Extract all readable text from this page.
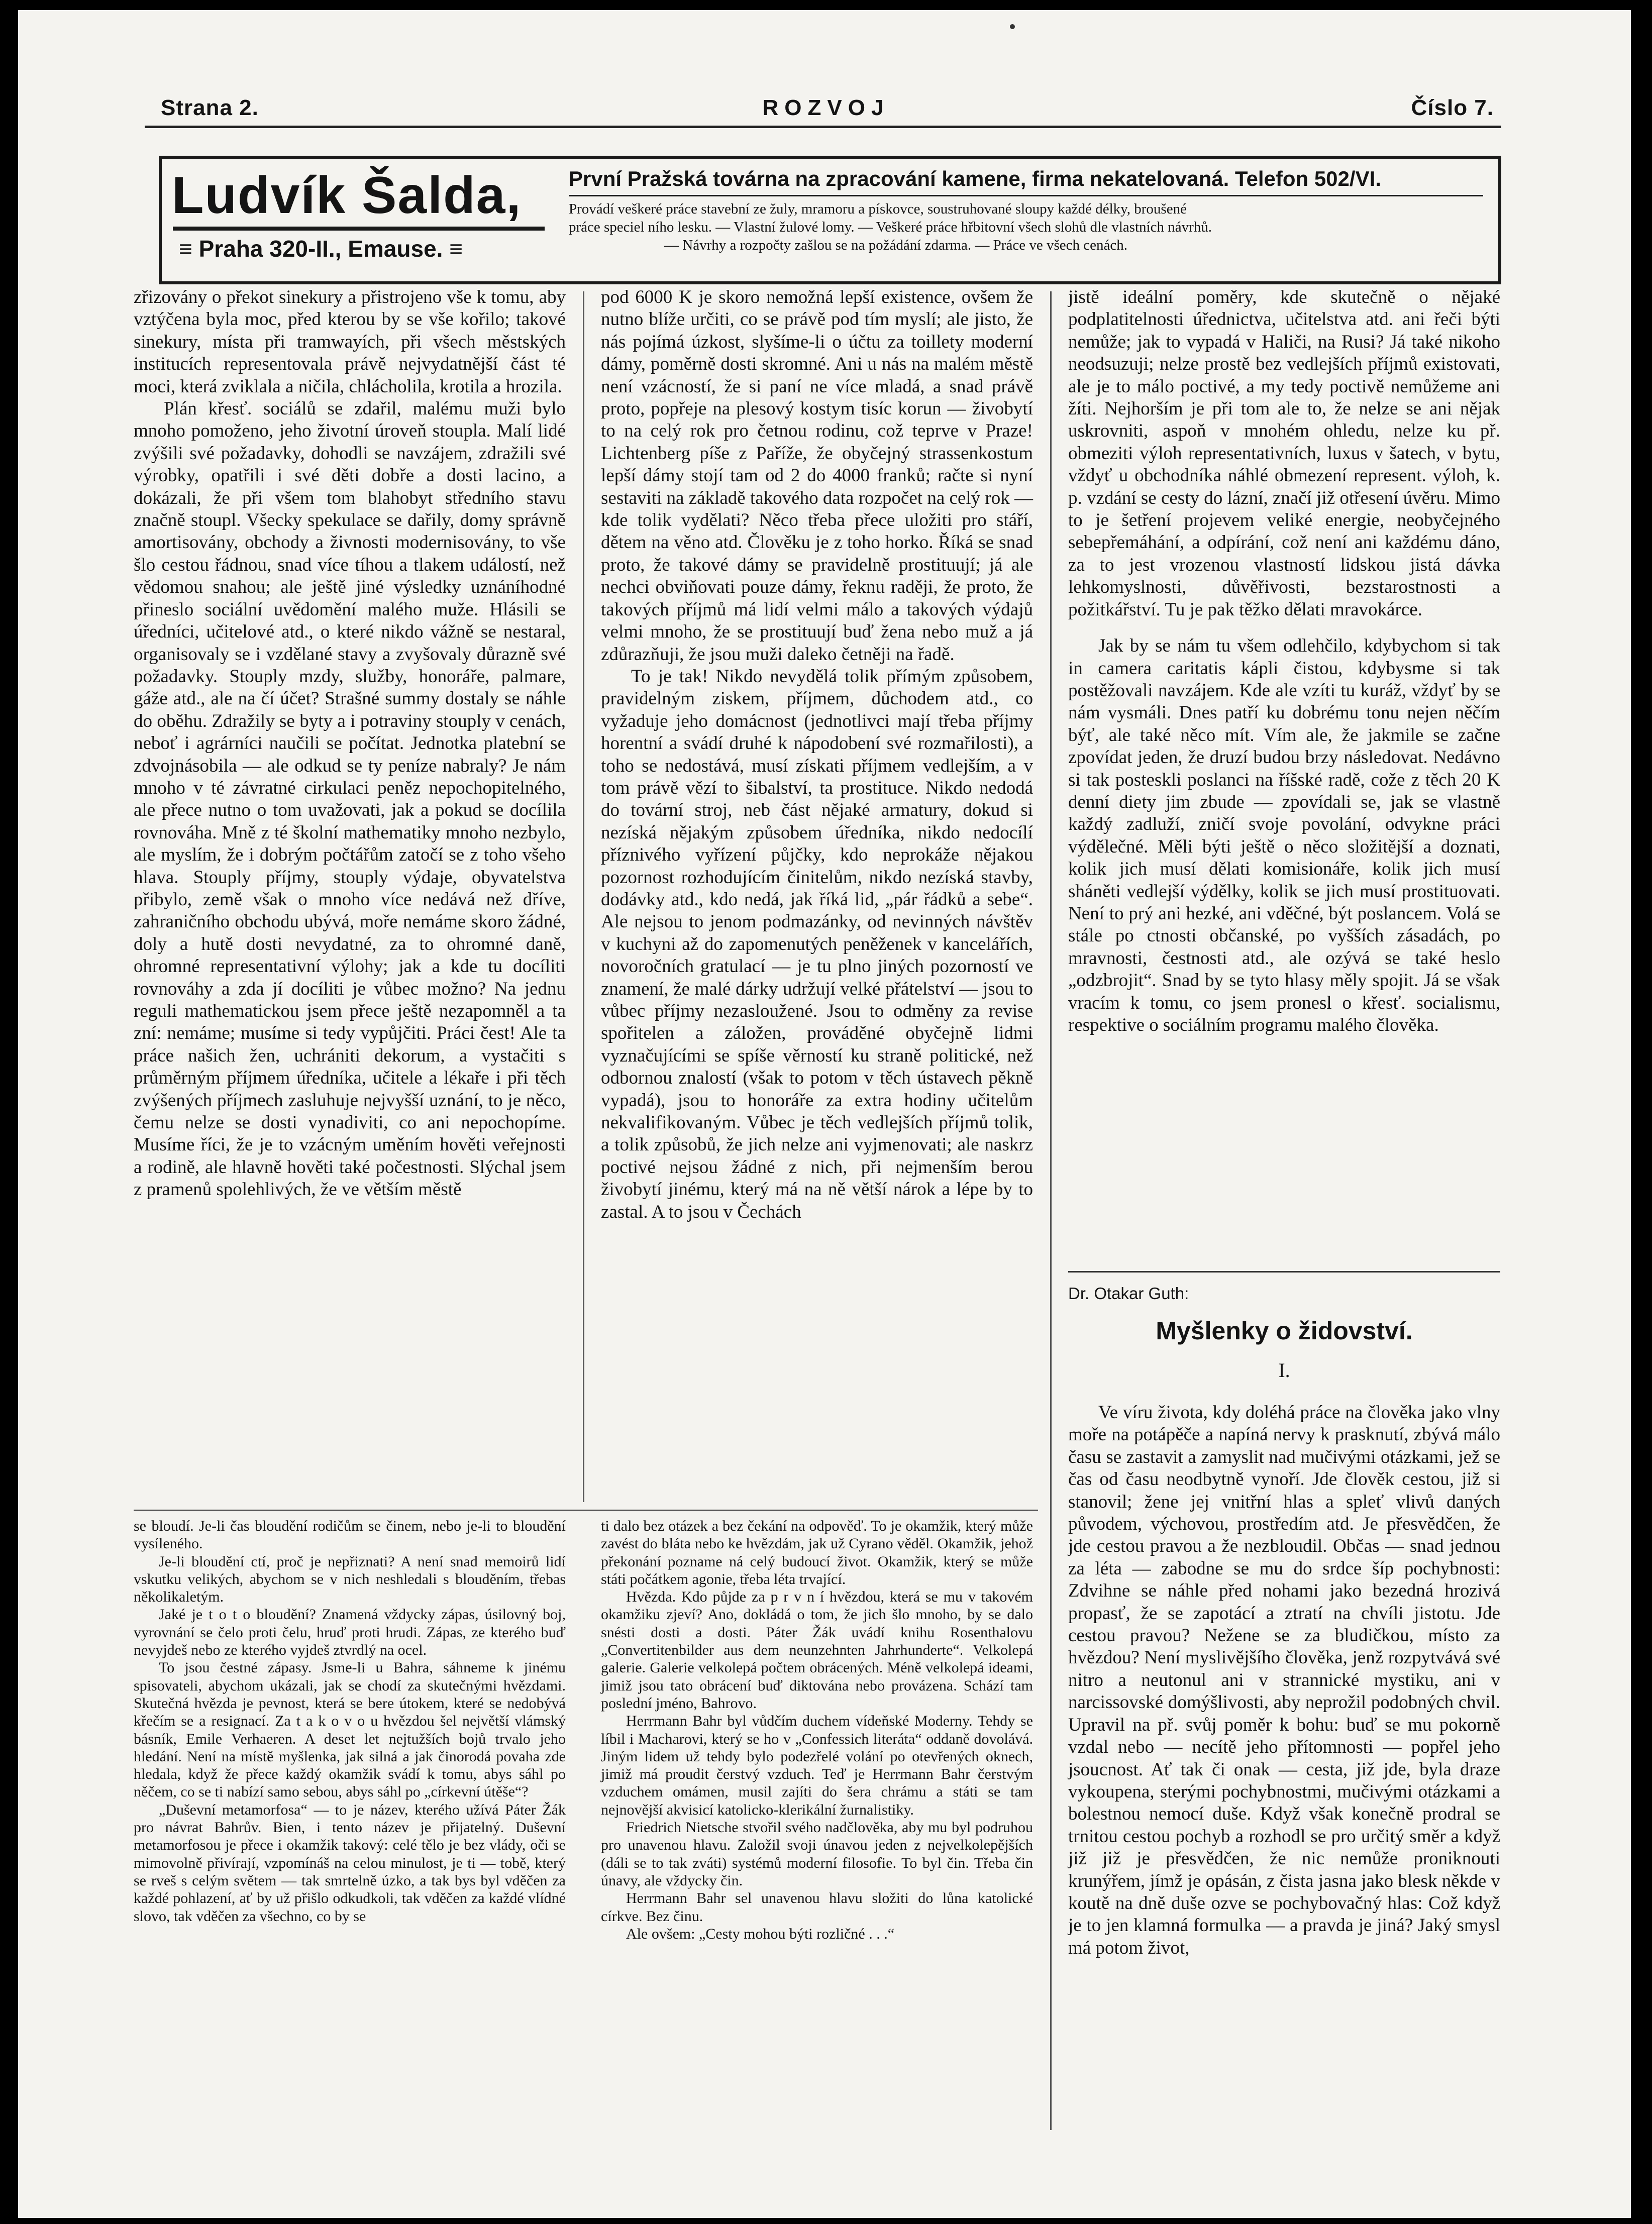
Strana 2.	ROZVOJ	Číslo 7.
Ludvík Šalda,
≡ Praha 320-II., Emause. ≡
První Pražská továrna na zpracování kamene, firma nekatelovaná. Telefon 502/VI.
Provádí veškeré práce stavební ze žuly, mramoru a pískovce, soustruhované sloupy každé délky, broušené
práce speciel ního lesku. — Vlastní žulové lomy. — Veškeré práce hřbitovní všech slohů dle vlastních návrhů.
— Návrhy a rozpočty zašlou se na požádání zdarma. — Práce ve všech cenách.

zřizovány o překot sinekury a přistrojeno vše k tomu, aby vztýčena byla moc, před kterou by se vše kořilo; takové sinekury, místa při tramwayích, při všech městských institucích representovala právě nejvydatnější část té moci, která zviklala a ničila, chlácholila, krotila a hrozila.

Plán křesť. sociálů se zdařil, malému muži bylo mnoho pomoženo, jeho životní úroveň stoupla. Malí lidé zvýšili své požadavky, dohodli se navzájem, zdražili své výrobky, opatřili i své děti dobře a dosti lacino, a dokázali, že při všem tom blahobyt středního stavu značně stoupl. Všecky spekulace se dařily, domy správně amortisovány, obchody a živnosti modernisovány, to vše šlo cestou řádnou, snad více tíhou a tlakem událostí, než vědomou snahou; ale ještě jiné výsledky uznáníhodné přineslo sociální uvědomění malého muže. Hlásili se úředníci, učitelové atd., o které nikdo vážně se nestaral, organisovaly se i vzdělané stavy a zvyšovaly důrazně své požadavky. Stouply mzdy, služby, honoráře, palmare, gáže atd., ale na čí účet? Strašné summy dostaly se náhle do oběhu. Zdražily se byty a i potraviny stouply v cenách, neboť i agrárníci naučili se počítat. Jednotka platební se zdvojnásobila — ale odkud se ty peníze nabraly? Je nám mnoho v té závratné cirkulaci peněz nepochopitelného, ale přece nutno o tom uvažovati, jak a pokud se docílila rovnováha. Mně z té školní mathematiky mnoho nezbylo, ale myslím, že i dobrým počtářům zatočí se z toho všeho hlava. Stouply příjmy, stouply výdaje, obyvatelstva přibylo, země však o mnoho více nedává než dříve, zahraničního obchodu ubývá, moře nemáme skoro žádné, doly a hutě dosti nevydatné, za to ohromné daně, ohromné representativní výlohy; jak a kde tu docíliti rovnováhy a zda jí docíliti je vůbec možno? Na jednu reguli mathematickou jsem přece ještě nezapomněl a ta zní: nemáme; musíme si tedy vypůjčiti. Práci čest! Ale ta práce našich žen, uchrániti dekorum, a vystačiti s průměrným příjmem úředníka, učitele a lékaře i při těch zvýšených příjmech zasluhuje nejvyšší uznání, to je něco, čemu nelze se dosti vynadiviti, co ani nepochopíme. Musíme říci, že je to vzácným uměním hověti veřejnosti a rodině, ale hlavně hověti také počestnosti. Slýchal jsem z pramenů spolehlivých, že ve větším městě

pod 6000 K je skoro nemožná lepší existence, ovšem že nutno blíže určiti, co se právě pod tím myslí; ale jisto, že nás pojímá úzkost, slyšíme-li o účtu za toillety moderní dámy, poměrně dosti skromné. Ani u nás na malém městě není vzácností, že si paní ne více mladá, a snad právě proto, popřeje na plesový kostym tisíc korun — živobytí to na celý rok pro četnou rodinu, což teprve v Praze! Lichtenberg píše z Paříže, že obyčejný strassenkostum lepší dámy stojí tam od 2 do 4000 franků; račte si nyní sestaviti na základě takového data rozpočet na celý rok — kde tolik vydělati? Něco třeba přece uložiti pro stáří, dětem na věno atd. Člověku je z toho horko. Říká se snad proto, že takové dámy se pravidelně prostituují; já ale nechci obviňovati pouze dámy, řeknu raději, že proto, že takových příjmů má lidí velmi málo a takových výdajů velmi mnoho, že se prostituují buď žena nebo muž a já zdůrazňuji, že jsou muži daleko četněji na řadě.

To je tak! Nikdo nevydělá tolik přímým způsobem, pravidelným ziskem, příjmem, důchodem atd., co vyžaduje jeho domácnost (jednotlivci mají třeba příjmy horentní a svádí druhé k nápodobení své rozmařilosti), a toho se nedostává, musí získati příjmem vedlejším, a v tom právě vězí to šibalství, ta prostituce. Nikdo nedodá do tovární stroj, neb část nějaké armatury, dokud si nezíská nějakým způsobem úředníka, nikdo nedocílí příznivého vyřízení půjčky, kdo neprokáže nějakou pozornost rozhodujícím činitelům, nikdo nezíská stavby, dodávky atd., kdo nedá, jak říká lid, „pár řádků a sebe“. Ale nejsou to jenom podmazánky, od nevinných návštěv v kuchyni až do zapomenutých peněženek v kancelářích, novoročních gratulací — je tu plno jiných pozorností ve znamení, že malé dárky udržují velké přátelství — jsou to vůbec příjmy nezasloužené. Jsou to odměny za revise spořitelen a záložen, prováděné obyčejně lidmi vyznačujícími se spíše věrností ku straně politické, než odbornou znalostí (však to potom v těch ústavech pěkně vypadá), jsou to honoráře za extra hodiny učitelům nekvalifikovaným. Vůbec je těch vedlejších příjmů tolik, a tolik způsobů, že jich nelze ani vyjmenovati; ale naskrz poctivé nejsou žádné z nich, při nejmenším berou živobytí jinému, který má na ně větší nárok a lépe by to zastal. A to jsou v Čechách

jistě ideální poměry, kde skutečně o nějaké podplatitelnosti úřednictva, učitelstva atd. ani řeči býti nemůže; jak to vypadá v Haliči, na Rusi? Já také nikoho neodsuzuji; nelze prostě bez vedlejších příjmů existovati, ale je to málo poctivé, a my tedy poctivě nemůžeme ani žíti. Nejhorším je při tom ale to, že nelze se ani nějak uskrovniti, aspoň v mnohém ohledu, nelze ku př. obmeziti výloh representativních, luxus v šatech, v bytu, vždyť u obchodníka náhlé obmezení represent. výloh, k. p. vzdání se cesty do lázní, značí již otřesení úvěru. Mimo to je šetření projevem veliké energie, neobyčejného sebepřemáhání, a odpírání, což není ani každému dáno, za to jest vrozenou vlastností lidskou jistá dávka lehkomyslnosti, důvěřivosti, bezstarostnosti a požitkářství. Tu je pak těžko dělati mravokárce.

Jak by se nám tu všem odlehčilo, kdybychom si tak in camera caritatis kápli čistou, kdybysme si tak postěžovali navzájem. Kde ale vzíti tu kuráž, vždyť by se nám vysmáli. Dnes patří ku dobrému tonu nejen něčím býť, ale také něco mít. Vím ale, že jakmile se začne zpovídat jeden, že druzí budou brzy následovat. Nedávno si tak posteskli poslanci na říšské radě, cože z těch 20 K denní diety jim zbude — zpovídali se, jak se vlastně každý zadluží, zničí svoje povolání, odvykne práci výdělečné. Měli býti ještě o něco složitější a doznati, kolik jich musí dělati komisionáře, kolik jich musí sháněti vedlejší výdělky, kolik se jich musí prostituovati. Není to prý ani hezké, ani vděčné, být poslancem. Volá se stále po ctnosti občanské, po vyšších zásadách, po mravnosti, čestnosti atd., ale ozývá se také heslo „odzbrojit“. Snad by se tyto hlasy měly spojit. Já se však vracím k tomu, co jsem pronesl o křesť. socialismu, respektive o sociálním programu malého člověka.

Dr. Otakar Guth:
Myšlenky o židovství.
I.

Ve víru života, kdy doléhá práce na člověka jako vlny moře na potápěče a napíná nervy k prasknutí, zbývá málo času se zastavit a zamyslit nad mučivými otázkami, jež se čas od času neodbytně vynoří. Jde člověk cestou, již si stanovil; žene jej vnitřní hlas a spleť vlivů daných původem, výchovou, prostředím atd. Je přesvědčen, že jde cestou pravou a že nezbloudil. Občas — snad jednou za léta — zabodne se mu do srdce šíp pochybnosti: Zdvihne se náhle před nohami jako bezedná hrozivá propasť, že se zapotácí a ztratí na chvíli jistotu. Jde cestou pravou? Nežene se za bludičkou, místo za hvězdou? Není myslivějšího člověka, jenž rozpytvává své nitro a neutonul ani v strannické mystiku, ani v narcissovské domýšlivosti, aby neprožil podobných chvil. Upravil na př. svůj poměr k bohu: buď se mu pokorně vzdal nebo — necítě jeho přítomnosti — popřel jeho jsoucnost. Ať tak či onak — cesta, již jde, byla draze vykoupena, sterými pochybnostmi, mučivými otázkami a bolestnou nemocí duše. Když však konečně prodral se trnitou cestou pochyb a rozhodl se pro určitý směr a když již již je přesvědčen, že nic nemůže proniknouti krunýřem, jímž je opásán, z čista jasna jako blesk někde v koutě na dně duše ozve se pochybovačný hlas: Což když je to jen klamná formulka — a pravda je jiná? Jaký smysl má potom život,

se bloudí. Je-li čas bloudění rodičům se činem, nebo je-li to bloudění vysíleného.

Je-li bloudění ctí, proč je nepřiznati? A není snad memoirů lidí vskutku velikých, abychom se v nich neshledali s blouděním, třebas několikaletým.

Jaké je t o t o bloudění? Znamená vždycky zápas, úsilovný boj, vyrovnání se čelo proti čelu, hruď proti hrudi. Zápas, ze kterého buď nevyjdeš nebo ze kterého vyjdeš ztvrdlý na ocel.

To jsou čestné zápasy. Jsme-li u Bahra, sáhneme k jinému spisovateli, abychom ukázali, jak se chodí za skutečnými hvězdami. Skutečná hvězda je pevnost, která se bere útokem, které se nedobývá křečím se a resignací. Za t a k o v o u hvězdou šel největší vlámský básník, Emile Verhaeren. A deset let nejtužších bojů trvalo jeho hledání. Není na místě myšlenka, jak silná a jak činorodá povaha zde hledala, když že přece každý okamžik svádí k tomu, abys sáhl po něčem, co se ti nabízí samo sebou, abys sáhl po „církevní útěše“?

„Duševní metamorfosa“ — to je název, kterého užívá Páter Žák pro návrat Bahrův. Bien, i tento název je přijatelný. Duševní metamorfosou je přece i okamžik takový: celé tělo je bez vlády, oči se mimovolně přivírají, vzpomínáš na celou minulost, je ti — tobě, který se rveš s celým světem — tak smrtelně úzko, a tak bys byl vděčen za každé pohlazení, ať by už přišlo odkudkoli, tak vděčen za každé vlídné slovo, tak vděčen za všechno, co by se

ti dalo bez otázek a bez čekání na odpověď. To je okamžik, který může zavést do bláta nebo ke hvězdám, jak už Cyrano věděl. Okamžik, jehož překonání pozname ná celý budoucí život. Okamžik, který se může státi počátkem agonie, třeba léta trvající.

Hvězda. Kdo půjde za p r v n í hvězdou, která se mu v takovém okamžiku zjeví? Ano, dokládá o tom, že jich šlo mnoho, by se dalo snésti dosti a dosti. Páter Žák uvádí knihu Rosenthalovu „Convertitenbilder aus dem neunzehnten Jahrhunderte“. Velkolepá galerie. Galerie velkolepá počtem obrácených. Méně velkolepá ideami, jimiž jsou tato obrácení buď diktována nebo provázena. Schází tam poslední jméno, Bahrovo.

Herrmann Bahr byl vůdčím duchem vídeňské Moderny. Tehdy se líbil i Macharovi, který se ho v „Confessich literáta“ oddaně dovolává. Jiným lidem už tehdy bylo podezřelé volání po otevřených oknech, jimiž má proudit čerstvý vzduch. Teď je Herrmann Bahr čerstvým vzduchem omámen, musil zajíti do šera chrámu a státi se tam nejnovější akvisicí katolicko-klerikální žurnalistiky.

Friedrich Nietsche stvořil svého nadčlověka, aby mu byl podruhou pro unavenou hlavu. Založil svoji únavou jeden z nejvelkolepějších (dáli se to tak zváti) systémů moderní filosofie. To byl čin. Třeba čin únavy, ale vždycky čin.

Herrmann Bahr sel unavenou hlavu složiti do lůna katolické církve. Bez činu.

Ale ovšem: „Cesty mohou býti rozličné . . .“
